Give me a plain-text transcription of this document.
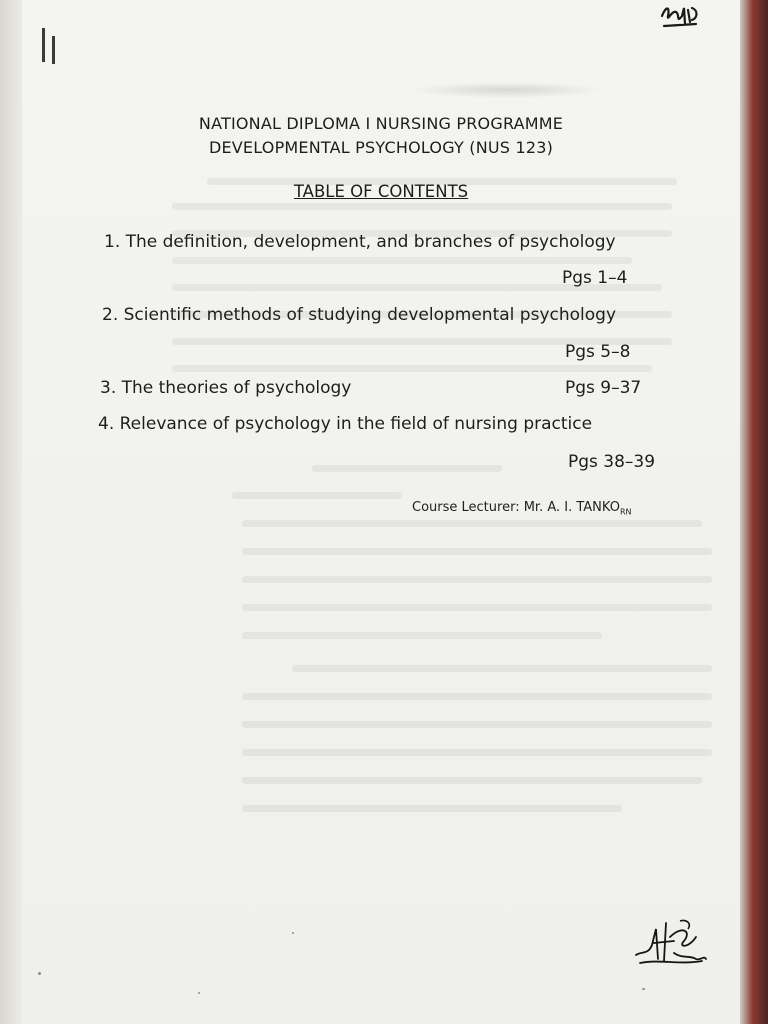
NATIONAL DIPLOMA I NURSING PROGRAMME
DEVELOPMENTAL PSYCHOLOGY (NUS 123)
TABLE OF CONTENTS
1. The definition, development, and branches of psychology
Pgs 1–4
2. Scientific methods of studying developmental psychology
Pgs 5–8
3. The theories of psychology	Pgs 9–37
4. Relevance of psychology in the field of nursing practice
Pgs 38–39
Course Lecturer: Mr. A. I. $TANKO_{RN}$
